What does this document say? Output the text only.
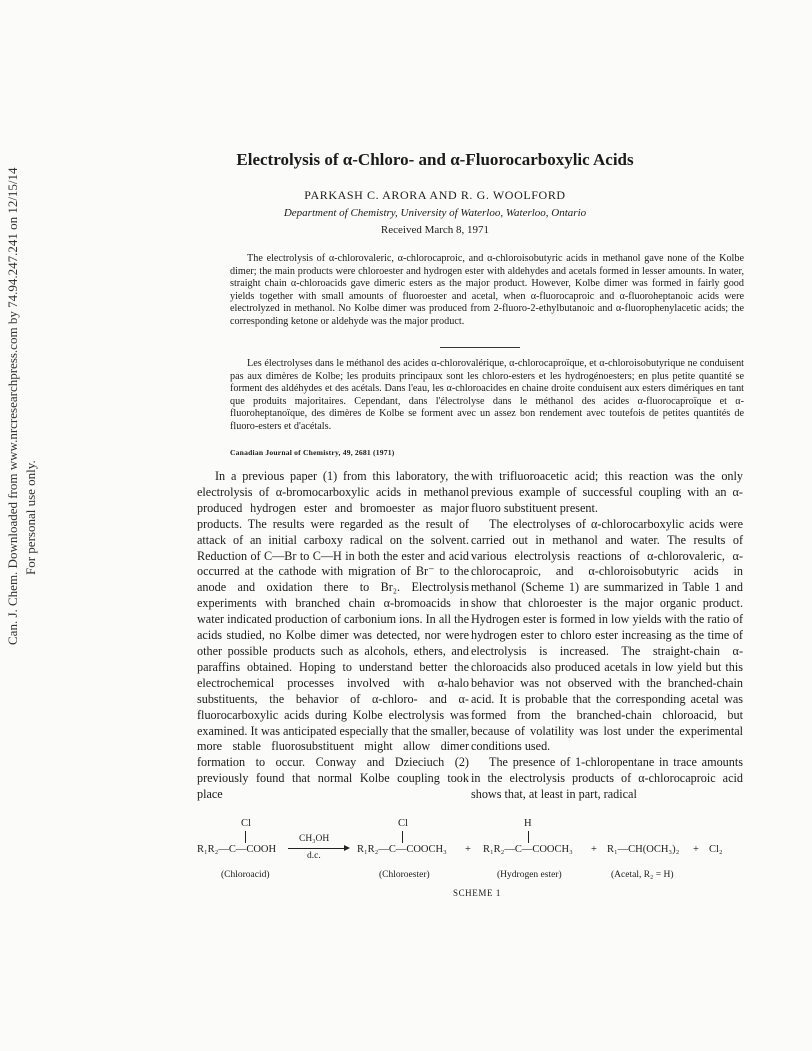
Can. J. Chem. Downloaded from www.nrcresearchpress.com by 74.94.247.241 on 12/15/14 For personal use only.
Electrolysis of α-Chloro- and α-Fluorocarboxylic Acids
PARKASH C. ARORA AND R. G. WOOLFORD
Department of Chemistry, University of Waterloo, Waterloo, Ontario
Received March 8, 1971

The electrolysis of α-chlorovaleric, α-chlorocaproic, and α-chloroisobutyric acids in methanol gave none of the Kolbe dimer; the main products were chloroester and hydrogen ester with aldehydes and acetals formed in lesser amounts. In water, straight chain α-chloroacids gave dimeric esters as the major product. However, Kolbe dimer was formed in fairly good yields together with small amounts of fluoroester and acetal, when α-fluorocaproic and α-fluoroheptanoic acids were electrolyzed in methanol. No Kolbe dimer was produced from 2-fluoro-2-ethylbutanoic and α-fluorophenylacetic acids; the corresponding ketone or aldehyde was the major product.

Les électrolyses dans le méthanol des acides α-chlorovalérique, α-chlorocaproïque, et α-chloroisobutyrique ne conduisent pas aux dimères de Kolbe; les produits principaux sont les chloro-esters et les hydrogénoesters; en plus petite quantité se forment des aldéhydes et des acétals. Dans l'eau, les α-chloroacides en chaine droite conduisent aux esters dimériques en tant que produits majoritaires. Cependant, dans l'électrolyse dans le méthanol des acides α-fluorocaproïque et α-fluoroheptanoïque, des dimères de Kolbe se forment avec un assez bon rendement avec toutefois de petites quantités de fluoro-esters et d'acétals.

Canadian Journal of Chemistry, 49, 2681 (1971)

In a previous paper (1) from this laboratory, the electrolysis of α-bromocarboxylic acids in methanol produced hydrogen ester and bromoester as major products. The results were regarded as the result of attack of an initial carboxy radical on the solvent. Reduction of C—Br to C—H in both the ester and acid occurred at the cathode with migration of Br⁻ to the anode and oxidation there to Br₂. Electrolysis experiments with branched chain α-bromoacids in water indicated production of carbonium ions. In all the acids studied, no Kolbe dimer was detected, nor were other possible products such as alcohols, ethers, and paraffins obtained. Hoping to understand better the electrochemical processes involved with α-halo substituents, the behavior of α-chloro- and α-fluorocarboxylic acids during Kolbe electrolysis was examined. It was anticipated especially that the smaller, more stable fluorosubstituent might allow dimer formation to occur. Conway and Dzieciuch (2) previously found that normal Kolbe coupling took place

with trifluoroacetic acid; this reaction was the only previous example of successful coupling with an α-fluoro substituent present.

The electrolyses of α-chlorocarboxylic acids were carried out in methanol and water. The results of various electrolysis reactions of α-chlorovaleric, α-chlorocaproic, and α-chloroisobutyric acids in methanol (Scheme 1) are summarized in Table 1 and show that chloroester is the major organic product. Hydrogen ester is formed in low yields with the ratio of hydrogen ester to chloro ester increasing as the time of electrolysis is increased. The straight-chain α-chloroacids also produced acetals in low yield but this behavior was not observed with the branched-chain acid. It is probable that the corresponding acetal was formed from the branched-chain chloroacid, but because of volatility was lost under the experimental conditions used.

The presence of 1-chloropentane in trace amounts in the electrolysis products of α-chlorocaproic acid shows that, at least in part, radical

Cl
R₁R₂—C—COOH
CH₃OH
d.c.
Cl
R₁R₂—C—COOCH₃ +
H
R₁R₂—C—COOCH₃ + R₁—CH(OCH₃)₂ + Cl₂
(Chloroacid)	(Chloroester)	(Hydrogen ester)	(Acetal, R₂ = H)
SCHEME 1
